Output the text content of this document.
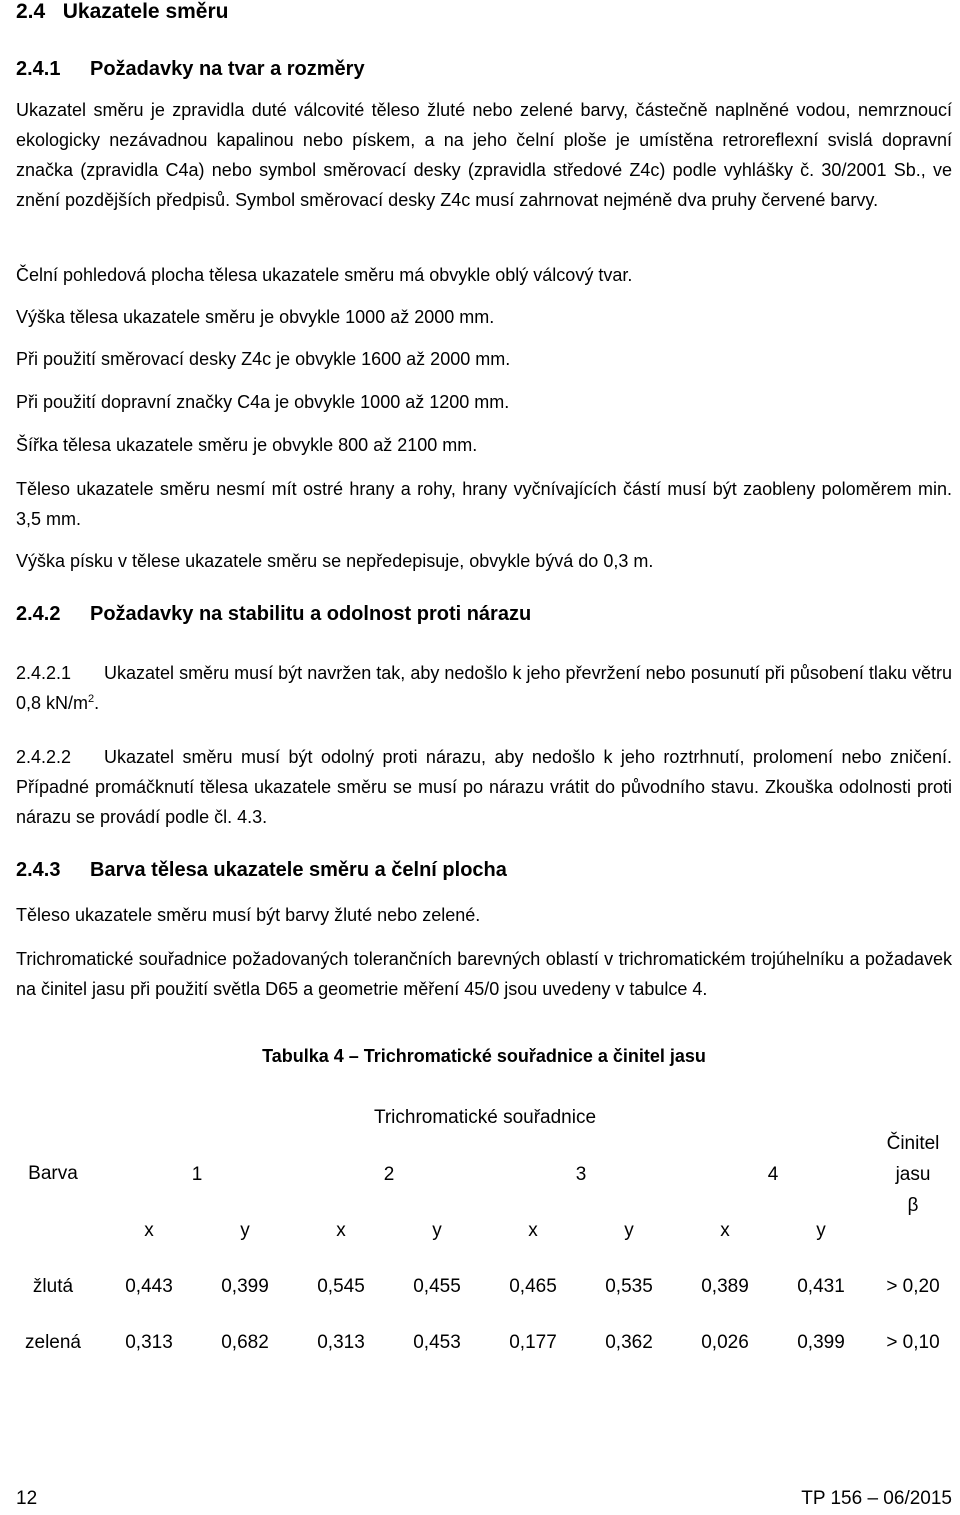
2.4 Ukazatele směru
2.4.1 Požadavky na tvar a rozměry

Ukazatel směru je zpravidla duté válcovité těleso žluté nebo zelené barvy, částečně naplněné vodou, nemrznoucí ekologicky nezávadnou kapalinou nebo pískem, a na jeho čelní ploše je umístěna retroreflexní svislá dopravní značka (zpravidla C4a) nebo symbol směrovací desky (zpravidla středové Z4c) podle vyhlášky č. 30/2001 Sb., ve znění pozdějších předpisů. Symbol směrovací desky Z4c musí zahrnovat nejméně dva pruhy červené barvy.

Čelní pohledová plocha tělesa ukazatele směru má obvykle oblý válcový tvar.

Výška tělesa ukazatele směru je obvykle 1000 až 2000 mm.

Při použití směrovací desky Z4c je obvykle 1600 až 2000 mm.

Při použití dopravní značky C4a je obvykle 1000 až 1200 mm.

Šířka tělesa ukazatele směru je obvykle 800 až 2100 mm.

Těleso ukazatele směru nesmí mít ostré hrany a rohy, hrany vyčnívajících částí musí být zaobleny poloměrem min. 3,5 mm.

Výška písku v tělese ukazatele směru se nepředepisuje, obvykle bývá do 0,3 m.

2.4.2 Požadavky na stabilitu a odolnost proti nárazu

2.4.2.1 Ukazatel směru musí být navržen tak, aby nedošlo k jeho převržení nebo posunutí při působení tlaku větru 0,8 $kN/m^2$.

2.4.2.2 Ukazatel směru musí být odolný proti nárazu, aby nedošlo k jeho roztrhnutí, prolomení nebo zničení. Případné promáčknutí tělesa ukazatele směru se musí po nárazu vrátit do původního stavu. Zkouška odolnosti proti nárazu se provádí podle čl. 4.3.

2.4.3 Barva tělesa ukazatele směru a čelní plocha

Těleso ukazatele směru musí být barvy žluté nebo zelené.

Trichromatické souřadnice požadovaných tolerančních barevných oblastí v trichromatickém trojúhelníku a požadavek na činitel jasu při použití světla D65 a geometrie měření 45/0 jsou uvedeny v tabulce 4.

Tabulka 4 – Trichromatické souřadnice a činitel jasu
Barva	Trichromatické souřadnice								Činitel
jasu
β
	1		2		3		4		
	x	y	x	y	x	y	x	y	
žlutá	0,443	0,399	0,545	0,455	0,465	0,535	0,389	0,431	> 0,20
zelená	0,313	0,682	0,313	0,453	0,177	0,362	0,026	0,399	> 0,10
12	TP 156 – 06/2015
